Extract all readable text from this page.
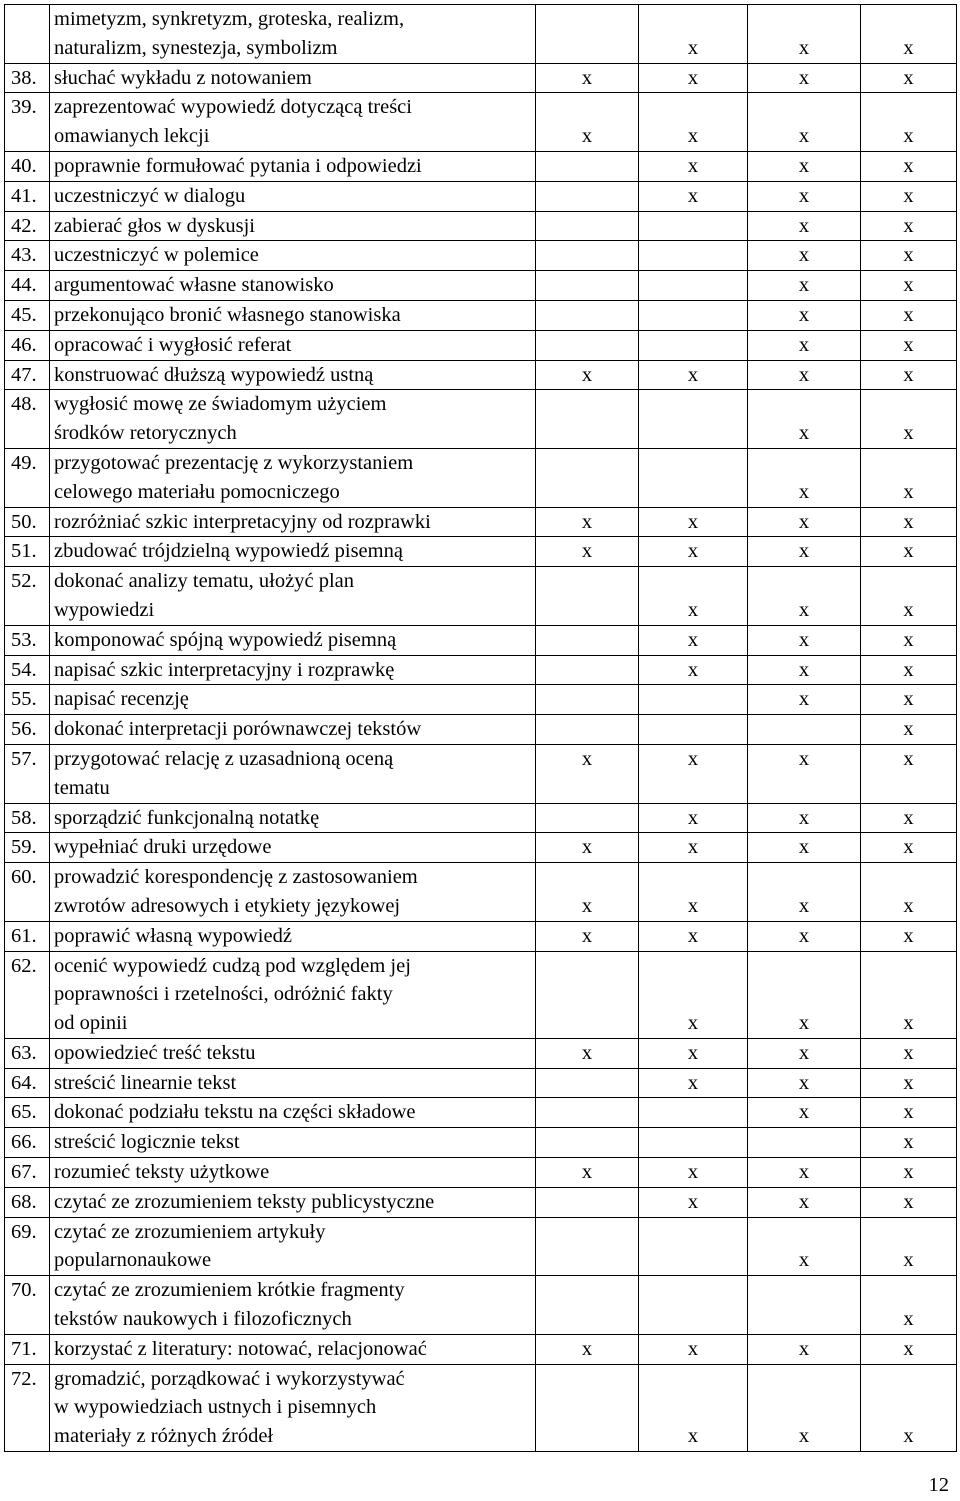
	mimetyzm, synkretyzm, groteska, realizm,
naturalizm, synestezja, symbolizm		x	x	x
38.	słuchać wykładu z notowaniem	x	x	x	x
39.	zaprezentować wypowiedź dotyczącą treści
omawianych lekcji	x	x	x	x
40.	poprawnie formułować pytania i odpowiedzi		x	x	x
41.	uczestniczyć w dialogu		x	x	x
42.	zabierać głos w dyskusji			x	x
43.	uczestniczyć w polemice			x	x
44.	argumentować własne stanowisko			x	x
45.	przekonująco bronić własnego stanowiska			x	x
46.	opracować i wygłosić referat			x	x
47.	konstruować dłuższą wypowiedź ustną	x	x	x	x
48.	wygłosić mowę ze świadomym użyciem
środków retorycznych			x	x
49.	przygotować prezentację z wykorzystaniem
celowego materiału pomocniczego			x	x
50.	rozróżniać szkic interpretacyjny od rozprawki	x	x	x	x
51.	zbudować trójdzielną wypowiedź pisemną	x	x	x	x
52.	dokonać analizy tematu, ułożyć plan
wypowiedzi		x	x	x
53.	komponować spójną wypowiedź pisemną		x	x	x
54.	napisać szkic interpretacyjny i rozprawkę		x	x	x
55.	napisać recenzję			x	x
56.	dokonać interpretacji porównawczej tekstów				x
57.	przygotować relację z uzasadnioną oceną
tematu	x	x	x	x
58.	sporządzić funkcjonalną notatkę		x	x	x
59.	wypełniać druki urzędowe	x	x	x	x
60.	prowadzić korespondencję z zastosowaniem
zwrotów adresowych i etykiety językowej	x	x	x	x
61.	poprawić własną wypowiedź	x	x	x	x
62.	ocenić wypowiedź cudzą pod względem jej
poprawności i rzetelności, odróżnić fakty
od opinii		x	x	x
63.	opowiedzieć treść tekstu	x	x	x	x
64.	streścić linearnie tekst		x	x	x
65.	dokonać podziału tekstu na części składowe			x	x
66.	streścić logicznie tekst				x
67.	rozumieć teksty użytkowe	x	x	x	x
68.	czytać ze zrozumieniem teksty publicystyczne		x	x	x
69.	czytać ze zrozumieniem artykuły
popularnonaukowe			x	x
70.	czytać ze zrozumieniem krótkie fragmenty
tekstów naukowych i filozoficznych				x
71.	korzystać z literatury: notować, relacjonować	x	x	x	x
72.	gromadzić, porządkować i wykorzystywać
w wypowiedziach ustnych i pisemnych
materiały z różnych źródeł		x	x	x
12
